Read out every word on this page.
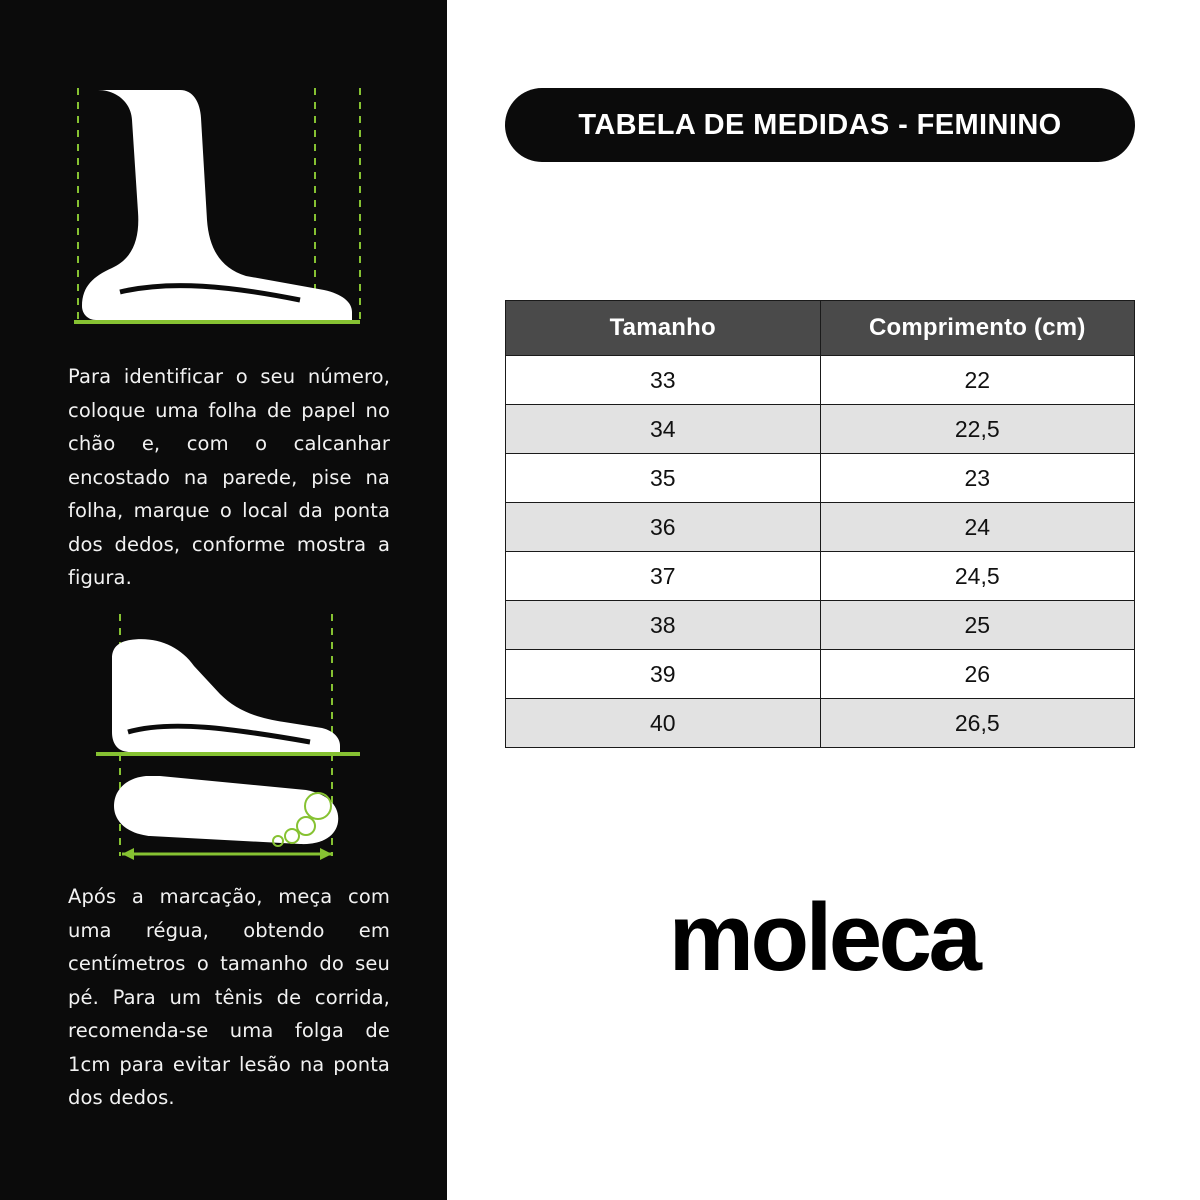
Para identificar o seu número, coloque uma folha de papel no chão e, com o calcanhar encostado na parede, pise na folha, marque o local da ponta dos dedos, conforme mostra a figura.

Após a marcação, meça com uma régua, obtendo em centímetros o tamanho do seu pé. Para um tênis de corrida, recomenda-se uma folga de 1cm para evitar lesão na ponta dos dedos.

TABELA DE MEDIDAS - FEMININO
Tamanho	Comprimento (cm)
33	22
34	22,5
35	23
36	24
37	24,5
38	25
39	26
40	26,5
moleca
